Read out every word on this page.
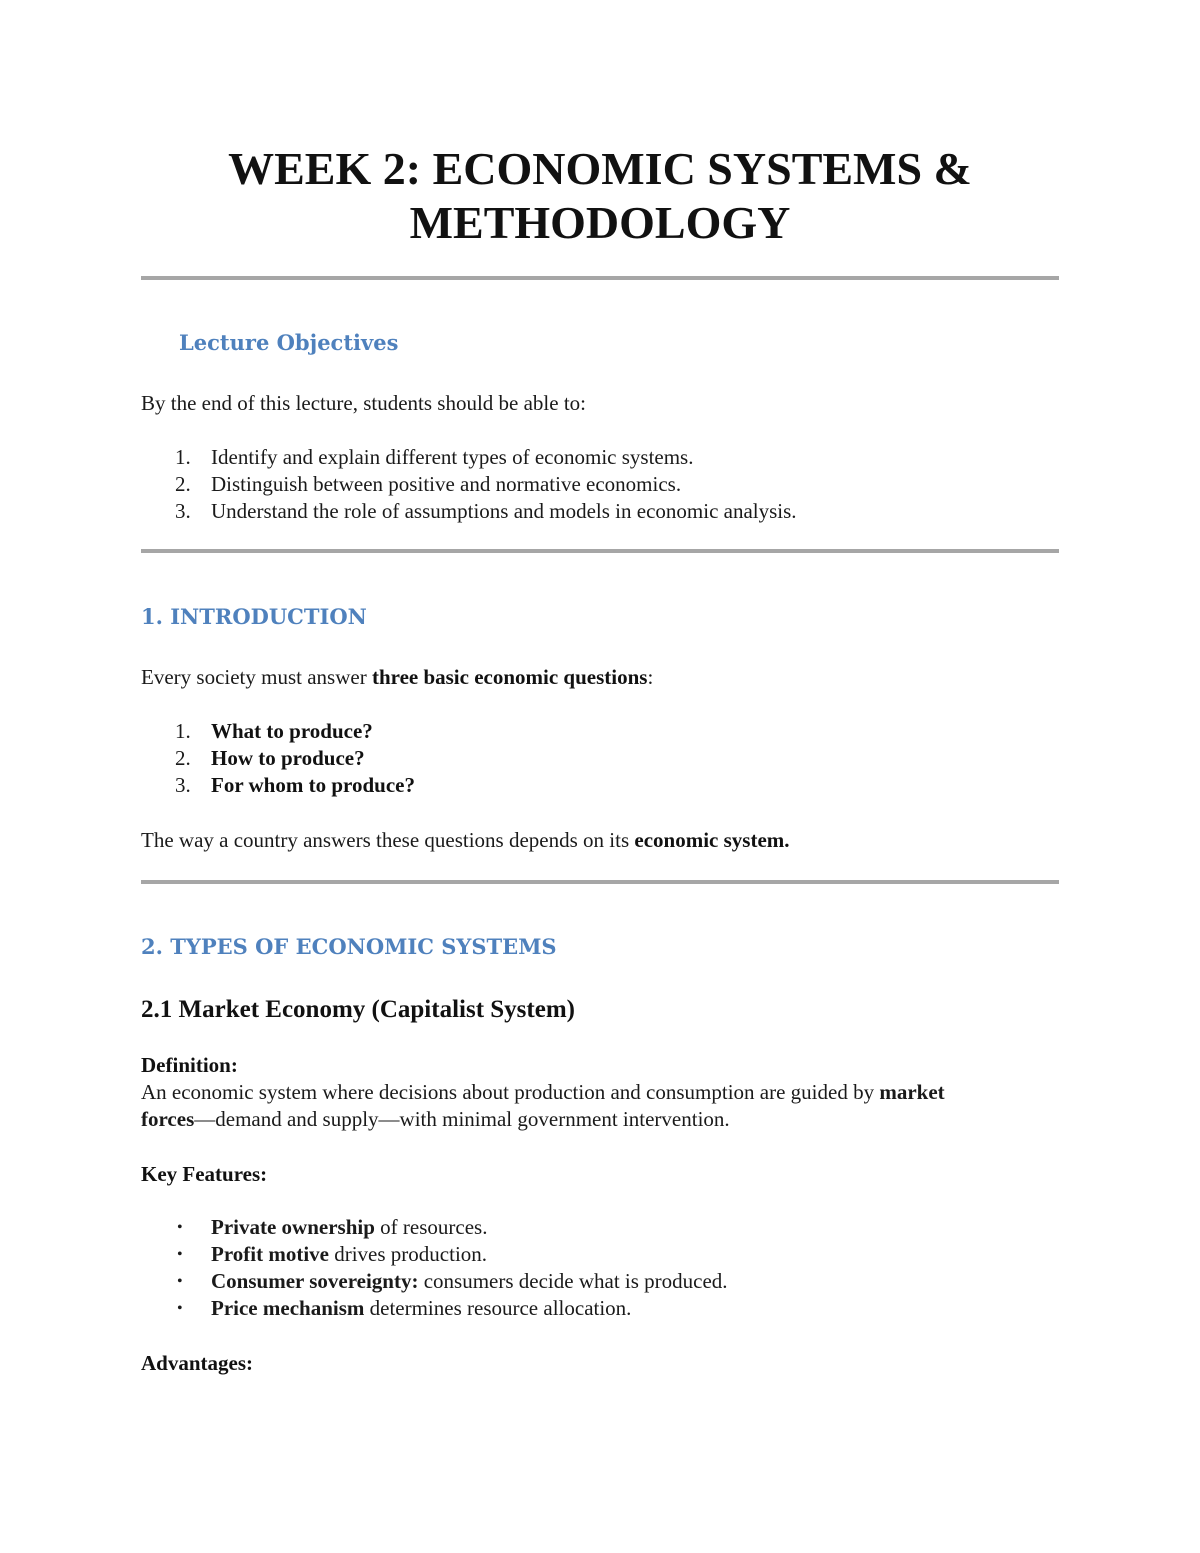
WEEK 2: ECONOMIC SYSTEMS &
METHODOLOGY
Lecture Objectives

By the end of this lecture, students should be able to:

1. Identify and explain different types of economic systems.
2. Distinguish between positive and normative economics.
3. Understand the role of assumptions and models in economic analysis.
1. INTRODUCTION

Every society must answer three basic economic questions:

1. What to produce?
2. How to produce?
3. For whom to produce?

The way a country answers these questions depends on its economic system.

2. TYPES OF ECONOMIC SYSTEMS
2.1 Market Economy (Capitalist System)

Definition:

An economic system where decisions about production and consumption are guided by market
forces—demand and supply—with minimal government intervention.

Key Features:

• Private ownership of resources.
• Profit motive drives production.
• Consumer sovereignty: consumers decide what is produced.
• Price mechanism determines resource allocation.

Advantages:
